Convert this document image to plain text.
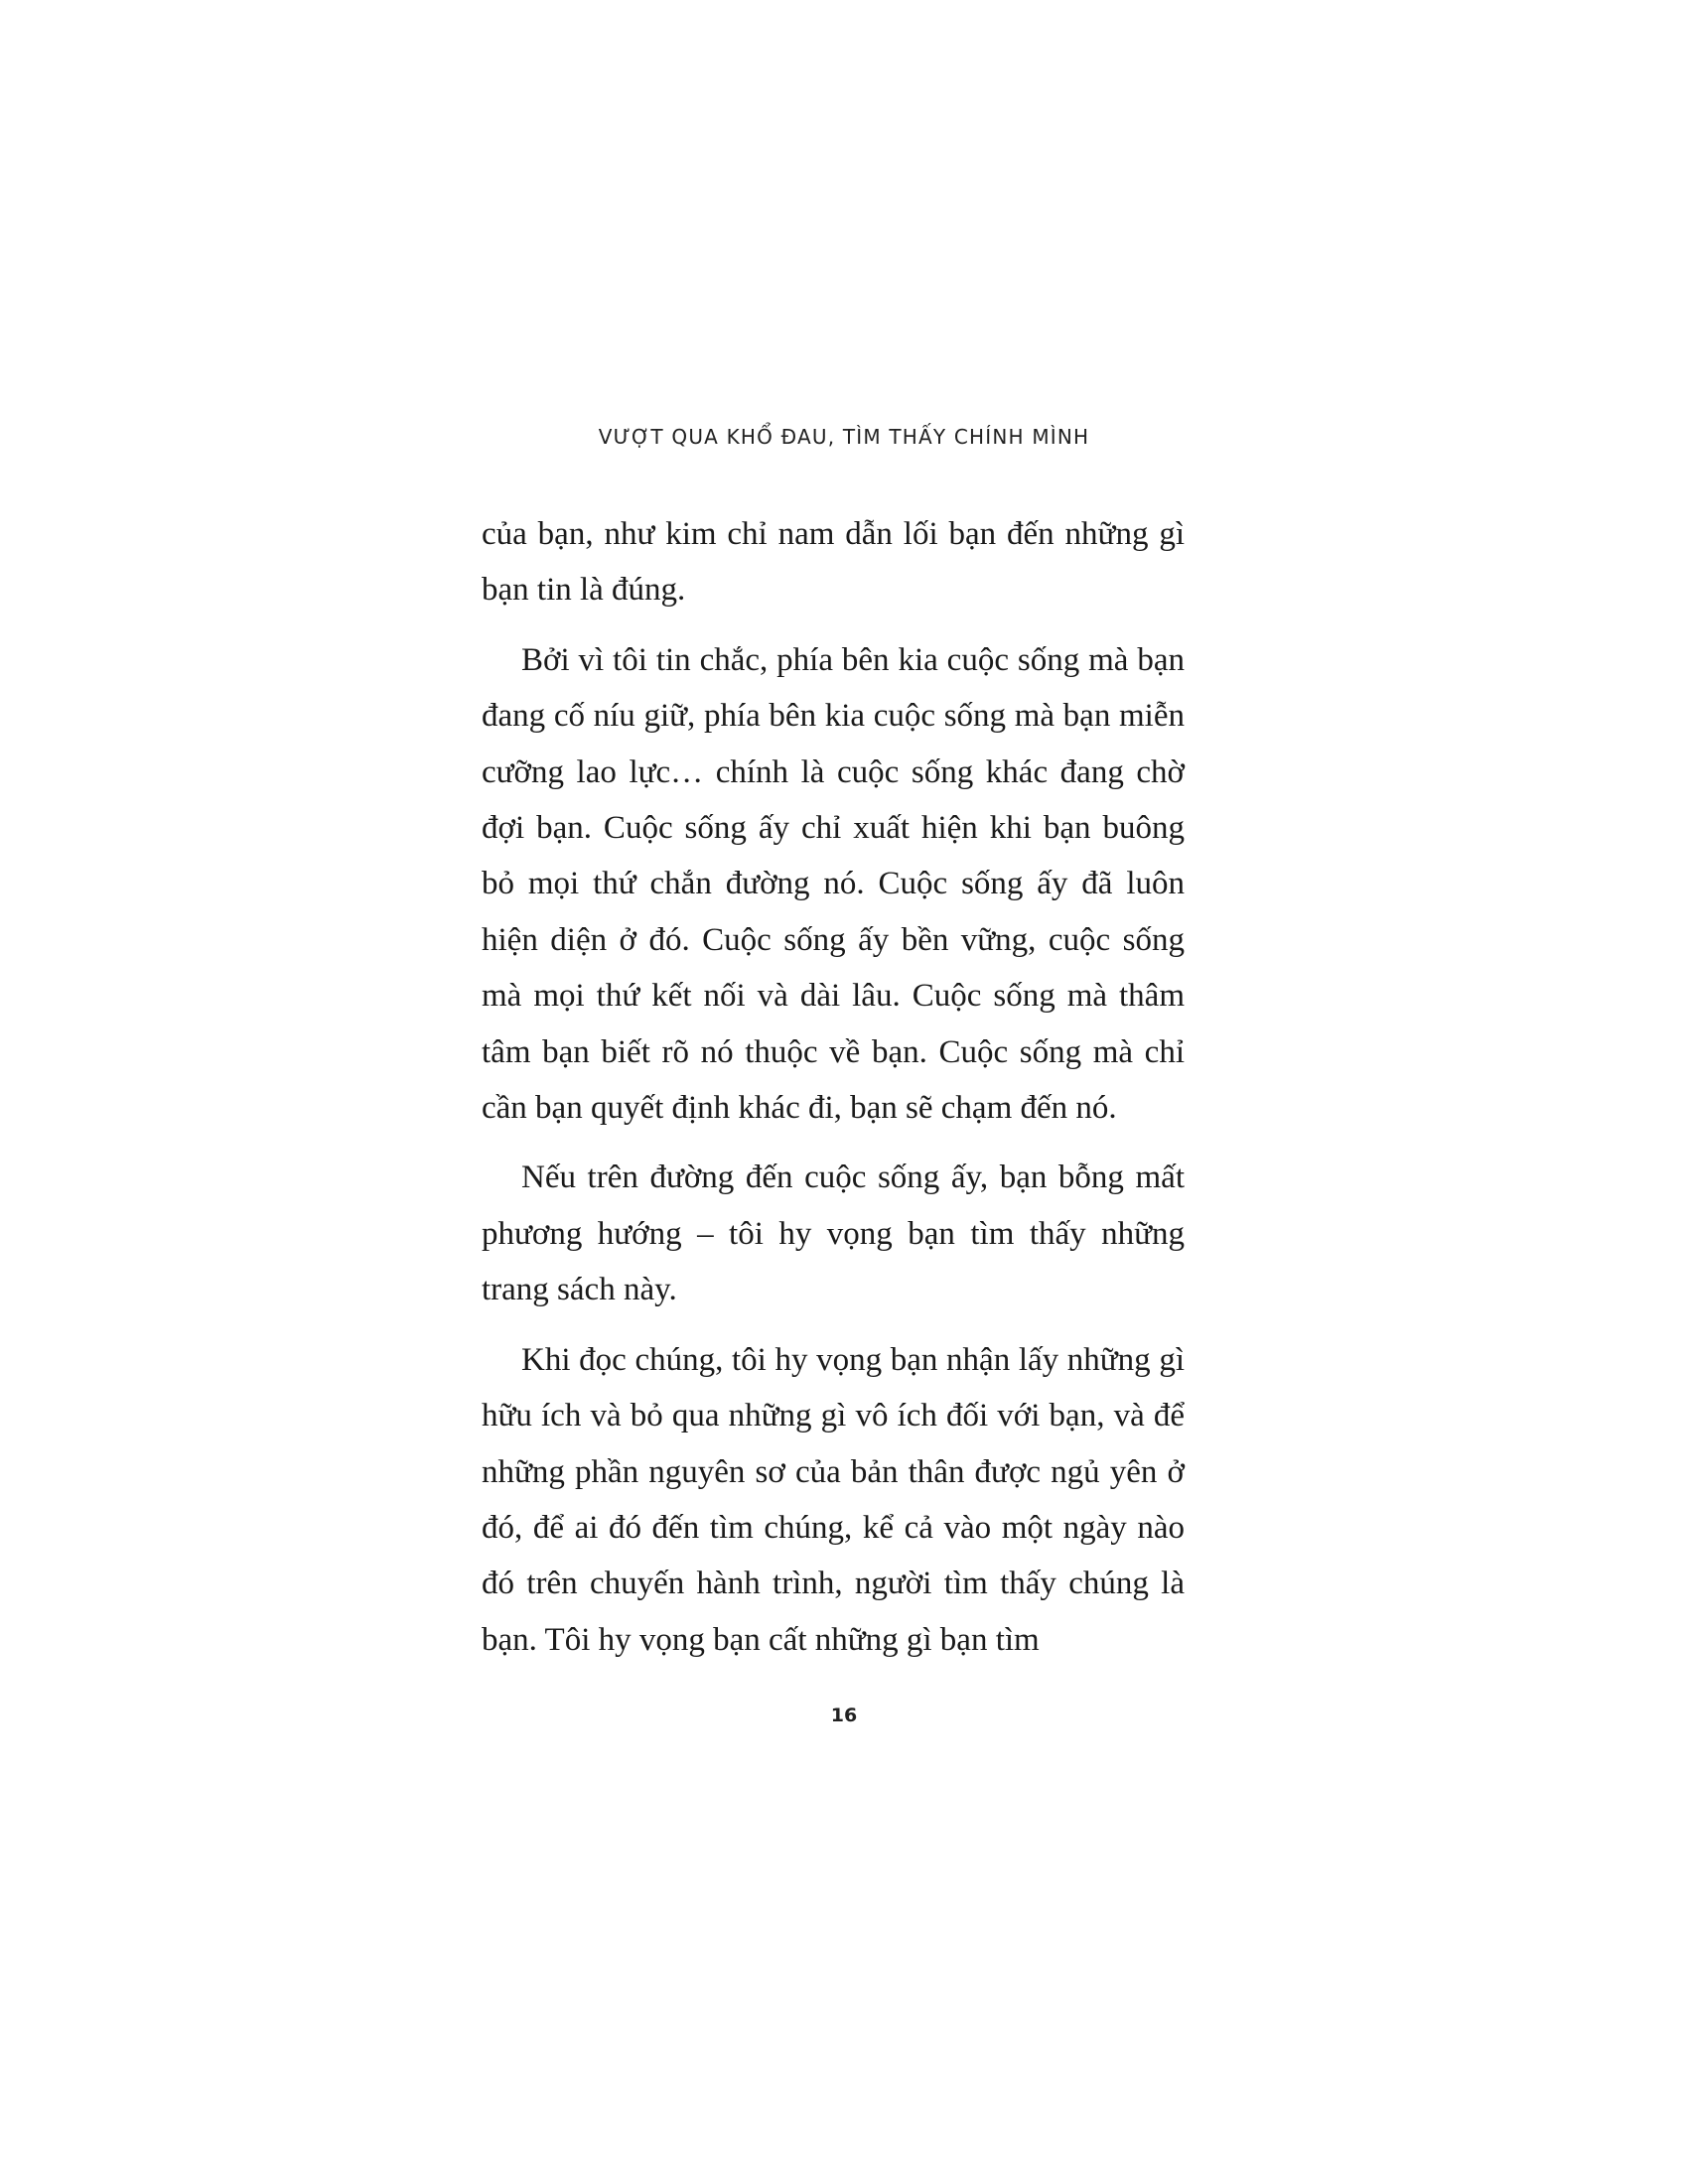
VƯỢT QUA KHỔ ĐAU, TÌM THẤY CHÍNH MÌNH

của bạn, như kim chỉ nam dẫn lối bạn đến những gì bạn tin là đúng.

Bởi vì tôi tin chắc, phía bên kia cuộc sống mà bạn đang cố níu giữ, phía bên kia cuộc sống mà bạn miễn cưỡng lao lực… chính là cuộc sống khác đang chờ đợi bạn. Cuộc sống ấy chỉ xuất hiện khi bạn buông bỏ mọi thứ chắn đường nó. Cuộc sống ấy đã luôn hiện diện ở đó. Cuộc sống ấy bền vững, cuộc sống mà mọi thứ kết nối và dài lâu. Cuộc sống mà thâm tâm bạn biết rõ nó thuộc về bạn. Cuộc sống mà chỉ cần bạn quyết định khác đi, bạn sẽ chạm đến nó.

Nếu trên đường đến cuộc sống ấy, bạn bỗng mất phương hướng – tôi hy vọng bạn tìm thấy những trang sách này.

Khi đọc chúng, tôi hy vọng bạn nhận lấy những gì hữu ích và bỏ qua những gì vô ích đối với bạn, và để những phần nguyên sơ của bản thân được ngủ yên ở đó, để ai đó đến tìm chúng, kể cả vào một ngày nào đó trên chuyến hành trình, người tìm thấy chúng là bạn. Tôi hy vọng bạn cất những gì bạn tìm

16
